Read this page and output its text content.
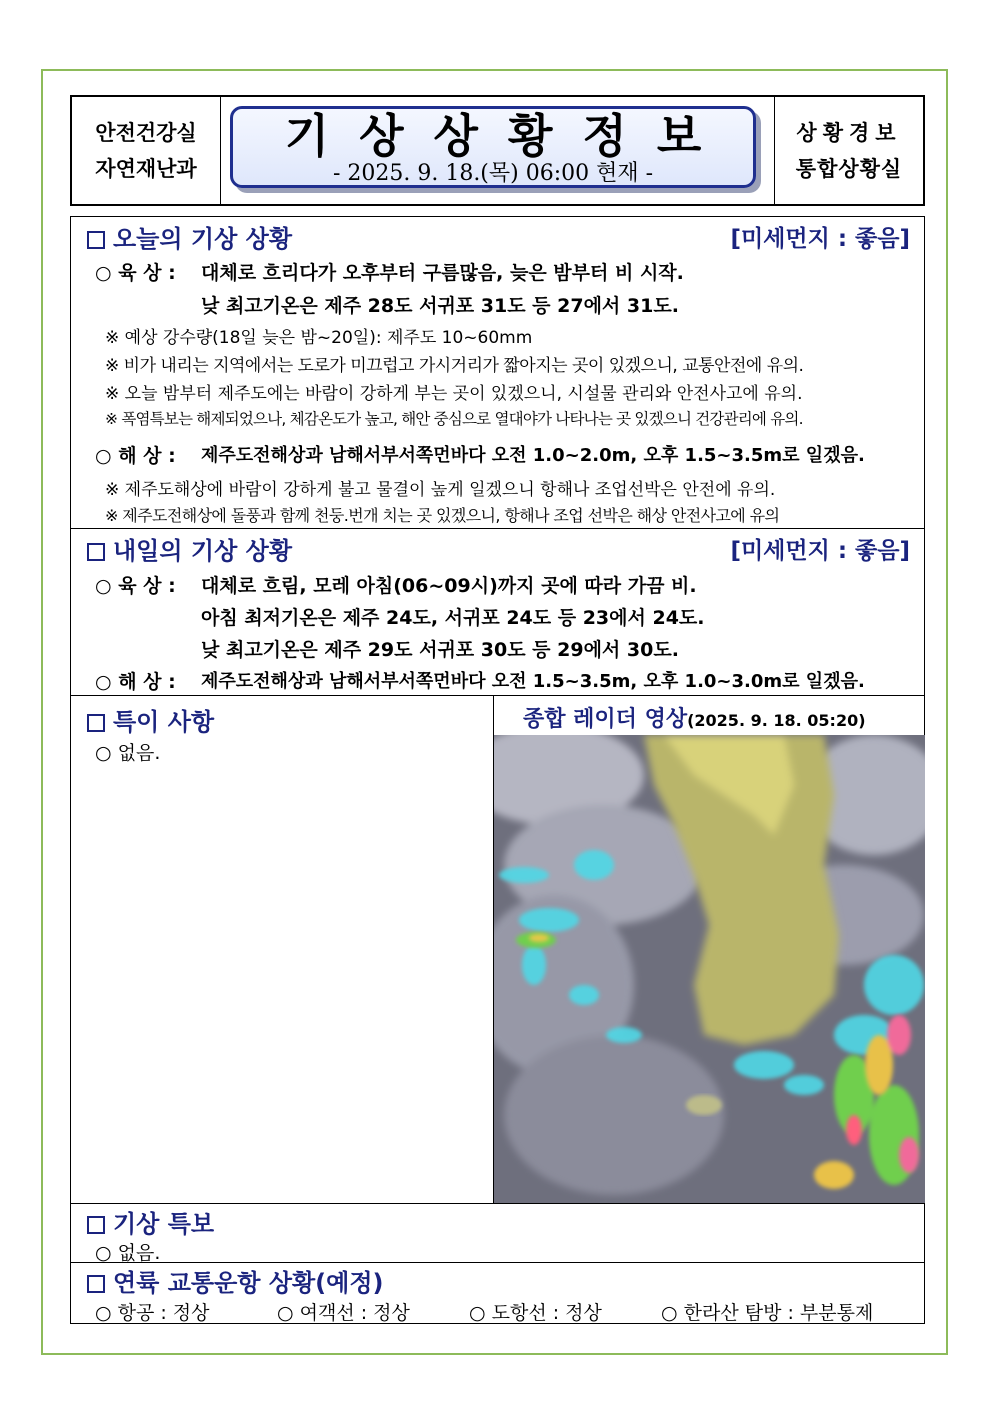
안전건강실
자연재난과
기상상황정보
- 2025. 9. 18.(목) 06:00 현재 -
상황경보
통합상황실
오늘의 기상 상황	[미세먼지 : 좋음]
○ 육 상 : 대체로 흐리다가 오후부터 구름많음, 늦은 밤부터 비 시작.
낮 최고기온은 제주 28도 서귀포 31도 등 27에서 31도.
※ 예상 강수량(18일 늦은 밤~20일): 제주도 10~60mm
※ 비가 내리는 지역에서는 도로가 미끄럽고 가시거리가 짧아지는 곳이 있겠으니, 교통안전에 유의.
※ 오늘 밤부터 제주도에는 바람이 강하게 부는 곳이 있겠으니, 시설물 관리와 안전사고에 유의.
※ 폭염특보는 해제되었으나, 체감온도가 높고, 해안 중심으로 열대야가 나타나는 곳 있겠으니 건강관리에 유의.
○ 해 상 : 제주도전해상과 남해서부서쪽먼바다 오전 1.0~2.0m, 오후 1.5~3.5m로 일겠음.
※ 제주도해상에 바람이 강하게 불고 물결이 높게 일겠으니 항해나 조업선박은 안전에 유의.
※ 제주도전해상에 돌풍과 함께 천둥.번개 치는 곳 있겠으니, 항해나 조업 선박은 해상 안전사고에 유의
내일의 기상 상황	[미세먼지 : 좋음]
○ 육 상 : 대체로 흐림, 모레 아침(06~09시)까지 곳에 따라 가끔 비.
아침 최저기온은 제주 24도, 서귀포 24도 등 23에서 24도.
낮 최고기온은 제주 29도 서귀포 30도 등 29에서 30도.
○ 해 상 : 제주도전해상과 남해서부서쪽먼바다 오전 1.5~3.5m, 오후 1.0~3.0m로 일겠음.
특이 사항
○ 없음.
종합 레이더 영상(2025. 9. 18. 05:20)
기상 특보
○ 없음.
연륙 교통운항 상황(예정)
○ 항공 : 정상	○ 여객선 : 정상	○ 도항선 : 정상	○ 한라산 탐방 : 부분통제
